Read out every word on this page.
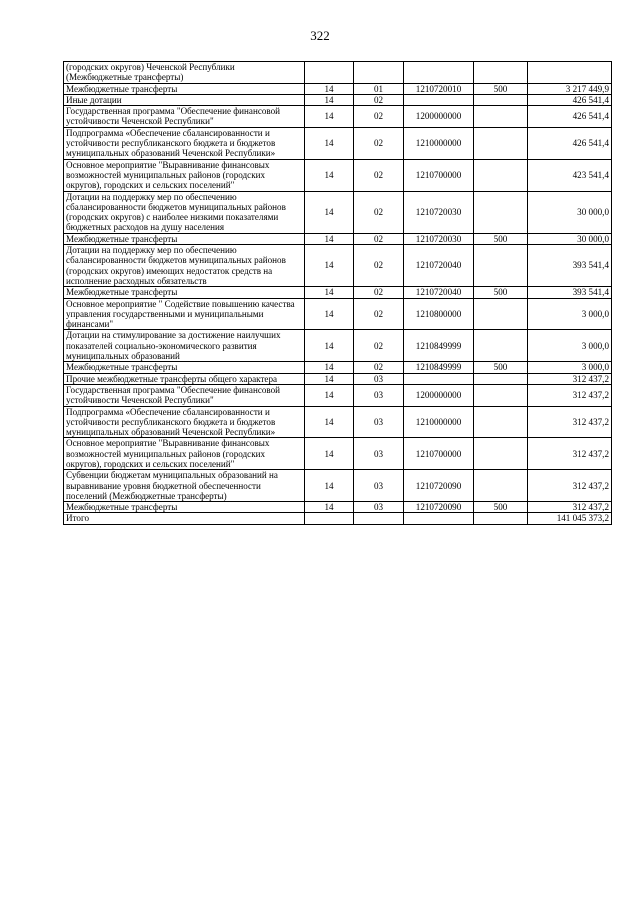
322
(городских округов) Чеченской Республики (Межбюджетные трансферты)					
Межбюджетные трансферты	14	01	1210720010	500	3 217 449,9
Иные дотации	14	02			426 541,4
Государственная программа "Обеспечение финансовой устойчивости Чеченской Республики"	14	02	1200000000		426 541,4
Подпрограмма «Обеспечение сбалансированности и устойчивости республиканского бюджета и бюджетов муниципальных образований Чеченской Республики»	14	02	1210000000		426 541,4
Основное мероприятие "Выравнивание финансовых возможностей муниципальных районов (городских округов), городских и сельских поселений"	14	02	1210700000		423 541,4
Дотации на поддержку мер по обеспечению сбалансированности бюджетов муниципальных районов (городских округов) с наиболее низкими показателями бюджетных расходов на душу населения	14	02	1210720030		30 000,0
Межбюджетные трансферты	14	02	1210720030	500	30 000,0
Дотации на поддержку мер по обеспечению сбалансированности бюджетов муниципальных районов (городских округов) имеющих недостаток средств на исполнение расходных обязательств	14	02	1210720040		393 541,4
Межбюджетные трансферты	14	02	1210720040	500	393 541,4
Основное мероприятие " Содействие повышению качества управления государственными и муниципальными финансами"	14	02	1210800000		3 000,0
Дотации на стимулирование за достижение наилучших показателей социально-экономического развития муниципальных образований	14	02	1210849999		3 000,0
Межбюджетные трансферты	14	02	1210849999	500	3 000,0
Прочие межбюджетные трансферты общего характера	14	03			312 437,2
Государственная программа "Обеспечение финансовой устойчивости Чеченской Республики"	14	03	1200000000		312 437,2
Подпрограмма «Обеспечение сбалансированности и устойчивости республиканского бюджета и бюджетов муниципальных образований Чеченской Республики»	14	03	1210000000		312 437,2
Основное мероприятие "Выравнивание финансовых возможностей муниципальных районов (городских округов), городских и сельских поселений"	14	03	1210700000		312 437,2
Субвенции бюджетам муниципальных образований на выравнивание уровня бюджетной обеспеченности поселений (Межбюджетные трансферты)	14	03	1210720090		312 437,2
Межбюджетные трансферты	14	03	1210720090	500	312 437,2
Итого					141 045 373,2
